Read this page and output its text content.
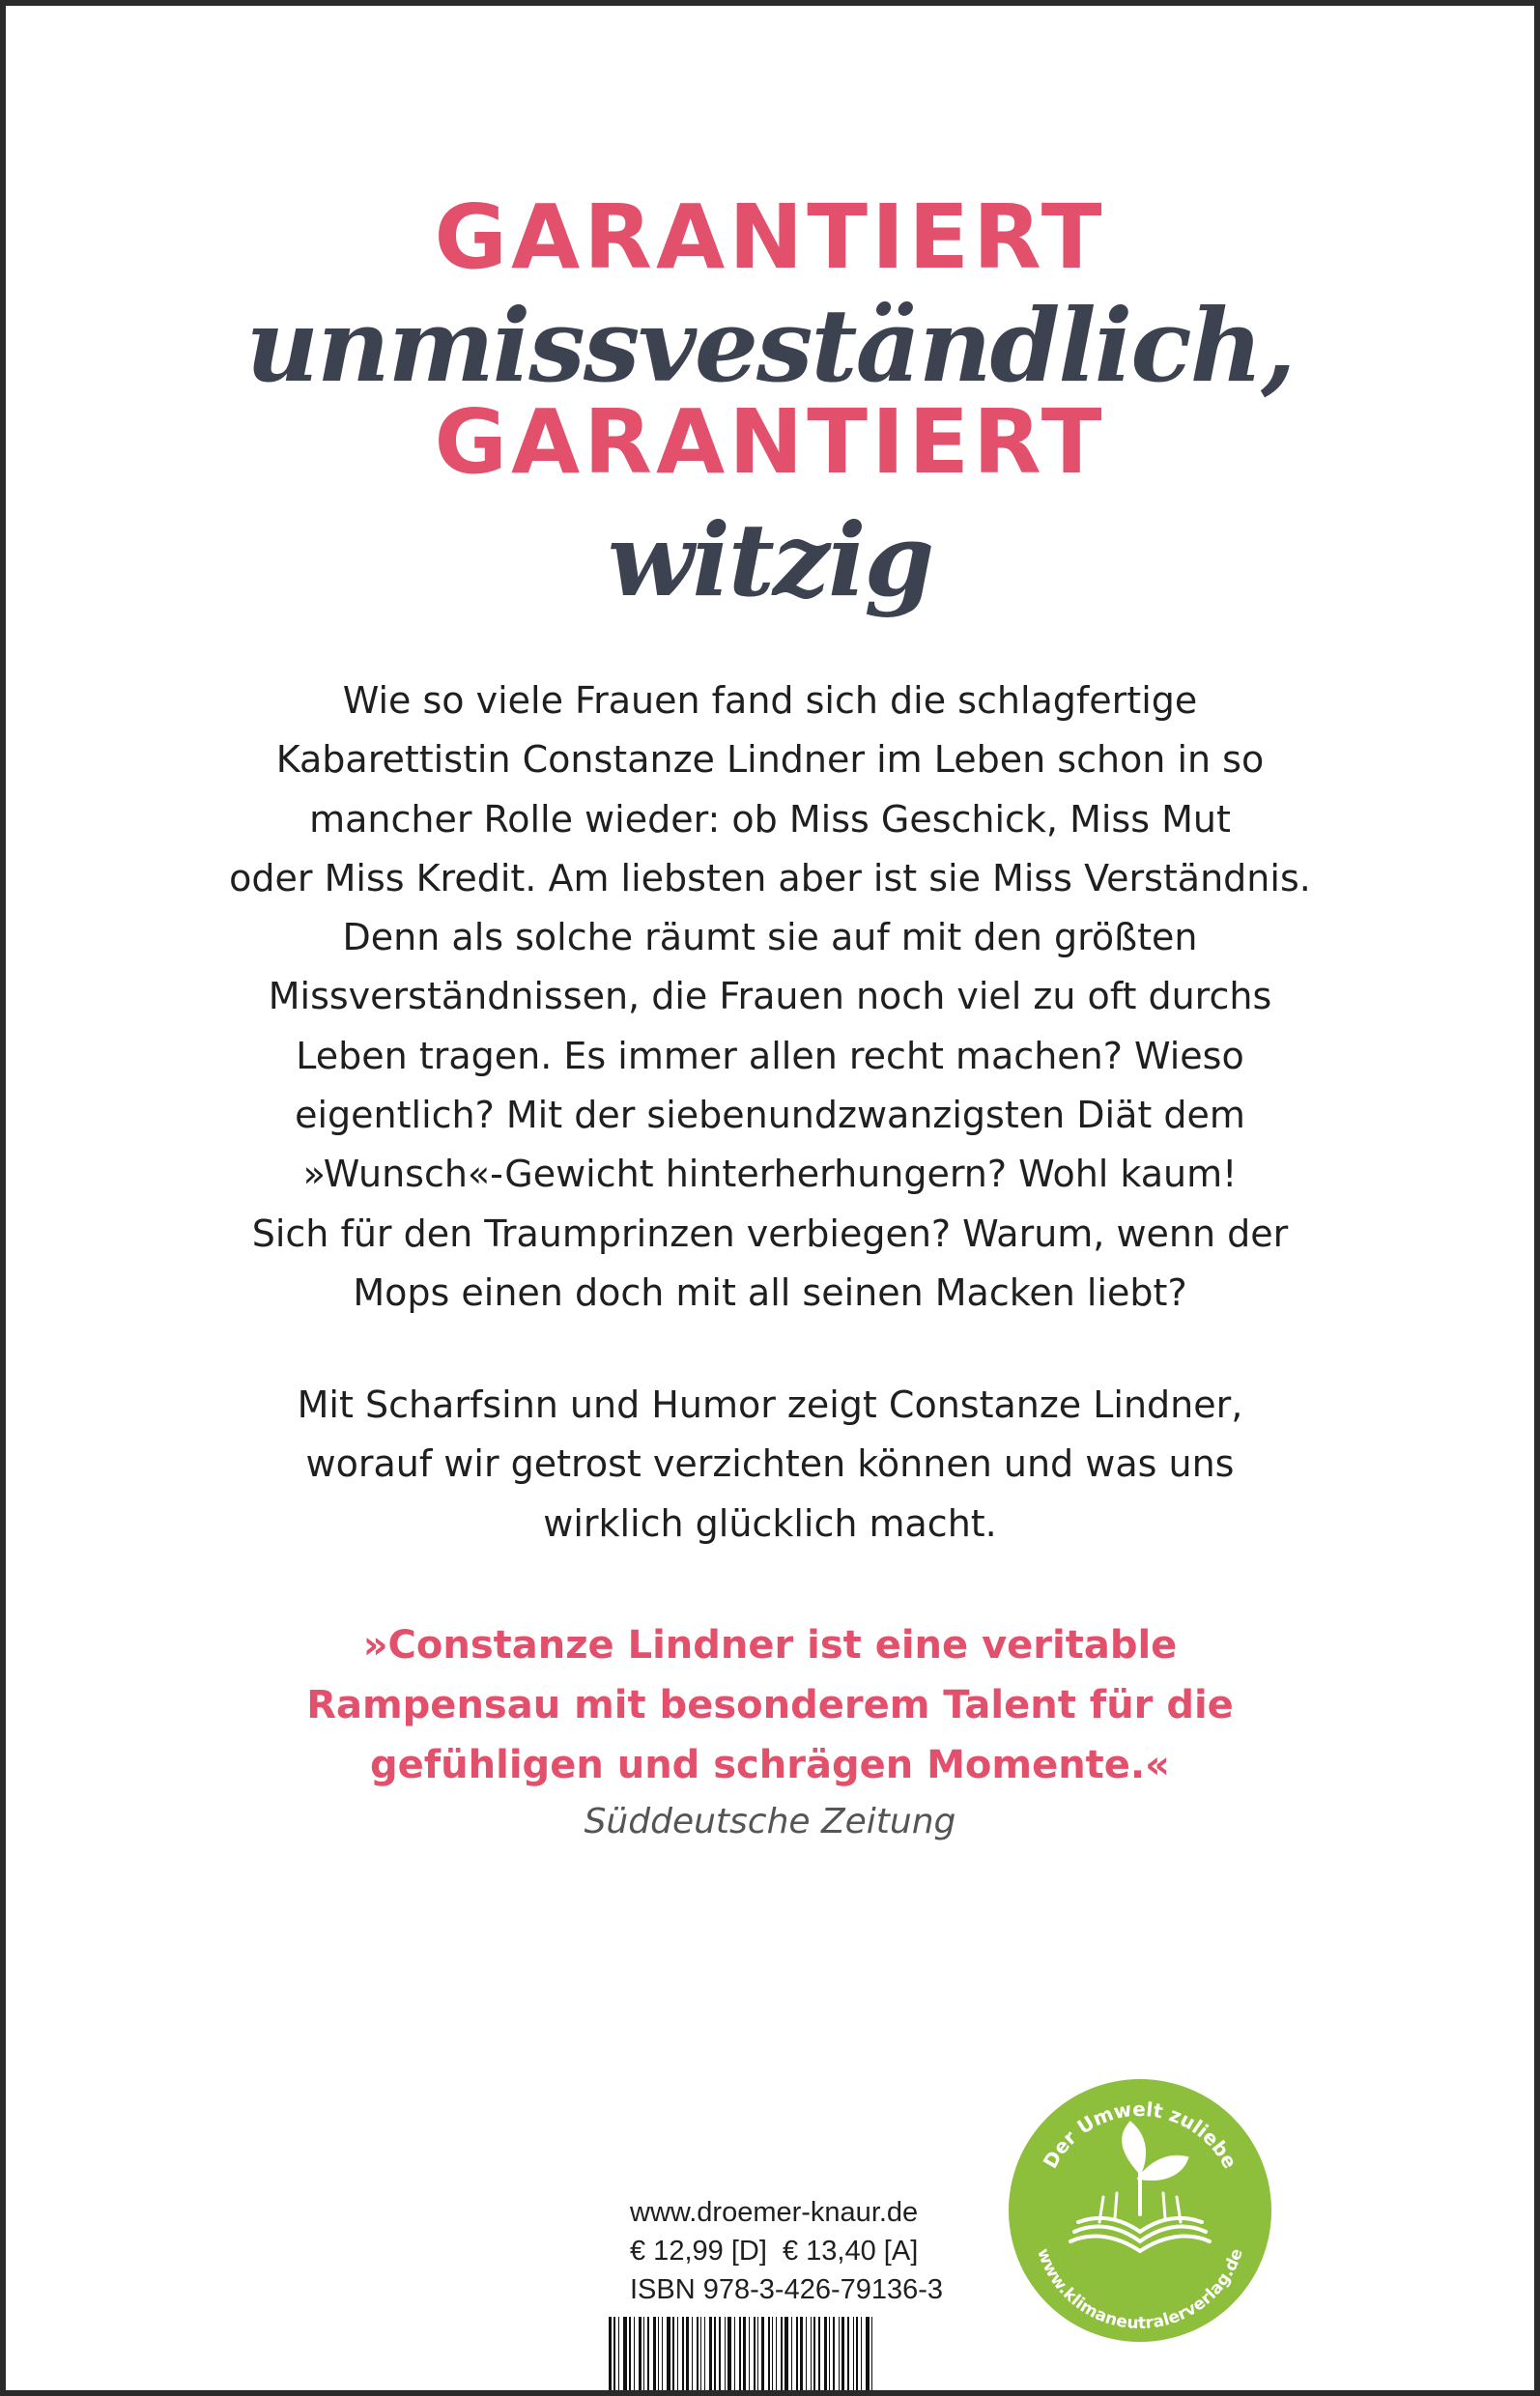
GARANTIERT
unmissveständlich,
GARANTIERT
witzig
Wie so viele Frauen fand sich die schlagfertige
Kabarettistin Constanze Lindner im Leben schon in so
mancher Rolle wieder: ob Miss Geschick, Miss Mut
oder Miss Kredit. Am liebsten aber ist sie Miss Verständnis.
Denn als solche räumt sie auf mit den größten
Missverständnissen, die Frauen noch viel zu oft durchs
Leben tragen. Es immer allen recht machen? Wieso
eigentlich? Mit der siebenundzwanzigsten Diät dem
»Wunsch«-Gewicht hinterherhungern? Wohl kaum!
Sich für den Traumprinzen verbiegen? Warum, wenn der
Mops einen doch mit all seinen Macken liebt?
Mit Scharfsinn und Humor zeigt Constanze Lindner,
worauf wir getrost verzichten können und was uns
wirklich glücklich macht.
»Constanze Lindner ist eine veritable
Rampensau mit besonderem Talent für die
gefühligen und schrägen Momente.«
Süddeutsche Zeitung
www.droemer-knaur.de
€ 12,99 [D]  € 13,40 [A]
ISBN 978-3-426-79136-3
Der Umwelt zuliebe
www.klimaneutralerverlag.de
